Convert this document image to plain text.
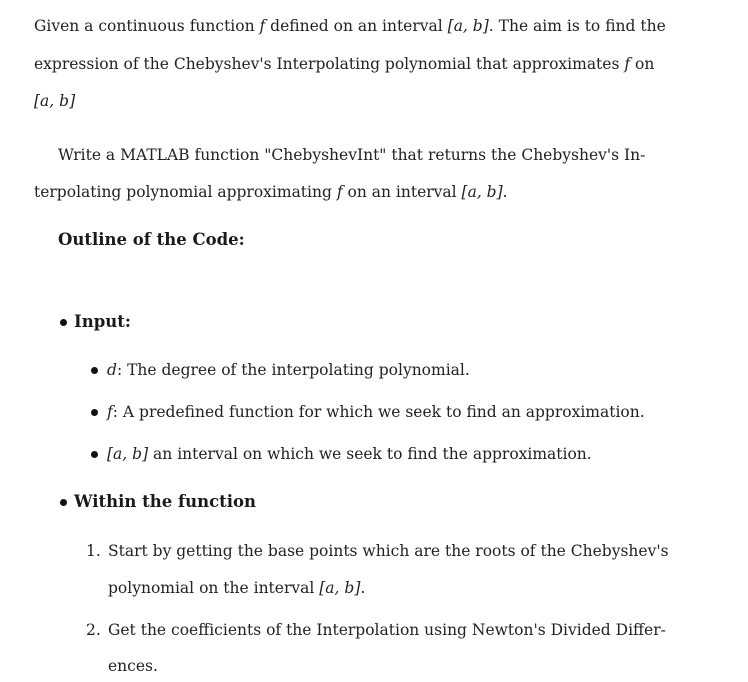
Given a continuous function f defined on an interval [a, b]. The aim is to find the
expression of the Chebyshev's Interpolating polynomial that approximates f on
[a, b]
Write a MATLAB function "ChebyshevInt" that returns the Chebyshev's In-
terpolating polynomial approximating f on an interval [a, b].
Outline of the Code:
Input:
d: The degree of the interpolating polynomial.
f: A predefined function for which we seek to find an approximation.
[a, b] an interval on which we seek to find the approximation.
Within the function
1. Start by getting the base points which are the roots of the Chebyshev's
polynomial on the interval [a, b].
2. Get the coefficients of the Interpolation using Newton's Divided Differ-
ences.
